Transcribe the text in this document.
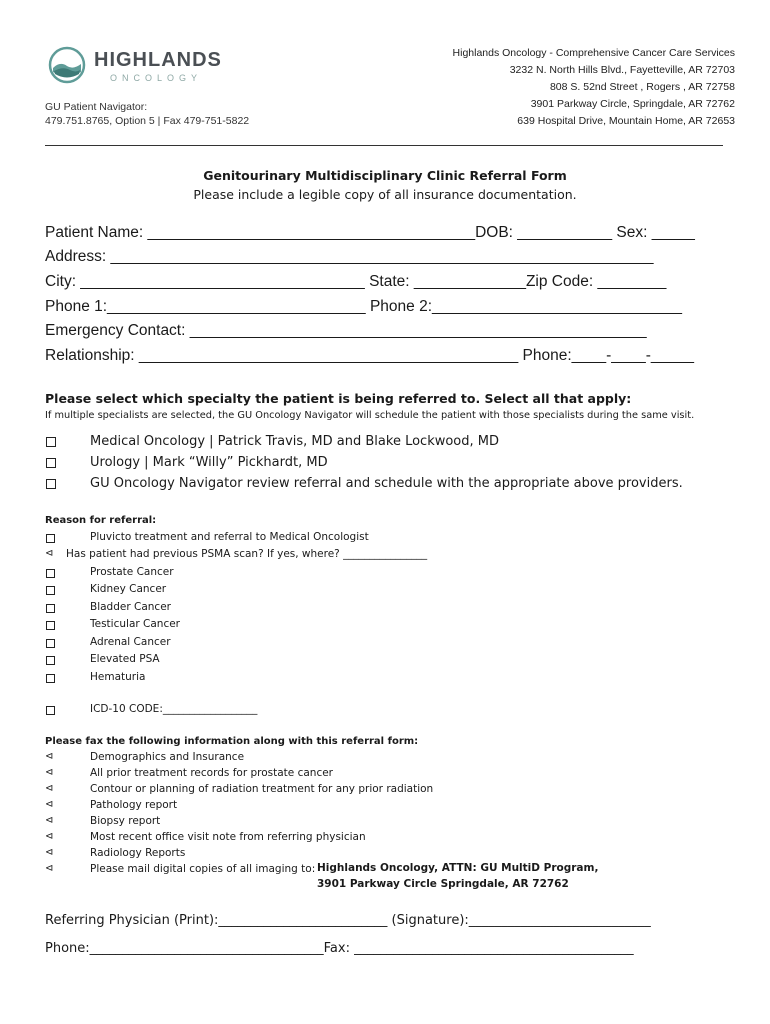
HIGHLANDS
ONCOLOGY
GU Patient Navigator:
479.751.8765, Option 5 | Fax 479-751-5822
Highlands Oncology - Comprehensive Cancer Care Services
3232 N. North Hills Blvd., Fayetteville, AR 72703
808 S. 52nd Street , Rogers , AR 72758
3901 Parkway Circle, Springdale, AR 72762
639 Hospital Drive, Mountain Home, AR 72653
Genitourinary Multidisciplinary Clinic Referral Form
Please include a legible copy of all insurance documentation.
Patient Name: ______________________________________DOB: ___________ Sex: _____
Address: _______________________________________________________________
City: _________________________________ State: _____________Zip Code: ________
Phone 1:______________________________ Phone 2:_____________________________
Emergency Contact: _____________________________________________________
Relationship: ____________________________________________ Phone:____-____-_____
Please select which specialty the patient is being referred to. Select all that apply:
If multiple specialists are selected, the GU Oncology Navigator will schedule the patient with those specialists during the same visit.
Medical Oncology | Patrick Travis, MD and Blake Lockwood, MD
Urology | Mark “Willy” Pickhardt, MD
GU Oncology Navigator review referral and schedule with the appropriate above providers.
Reason for referral:
Pluvicto treatment and referral to Medical Oncologist
⊲ Has patient had previous PSMA scan? If yes, where? ________________
Prostate Cancer
Kidney Cancer
Bladder Cancer
Testicular Cancer
Adrenal Cancer
Elevated PSA
Hematuria
ICD-10 CODE:__________________
Please fax the following information along with this referral form:
⊲	Demographics and Insurance
⊲	All prior treatment records for prostate cancer
⊲	Contour or planning of radiation treatment for any prior radiation
⊲	Pathology report
⊲	Biopsy report
⊲	Most recent office visit note from referring physician
⊲	Radiology Reports
⊲	Please mail digital copies of all imaging to: Highlands Oncology, ATTN: GU MultiD Program,
3901 Parkway Circle Springdale, AR 72762
Referring Physician (Print):__________________________ (Signature):____________________________
Phone:____________________________________Fax: ___________________________________________
